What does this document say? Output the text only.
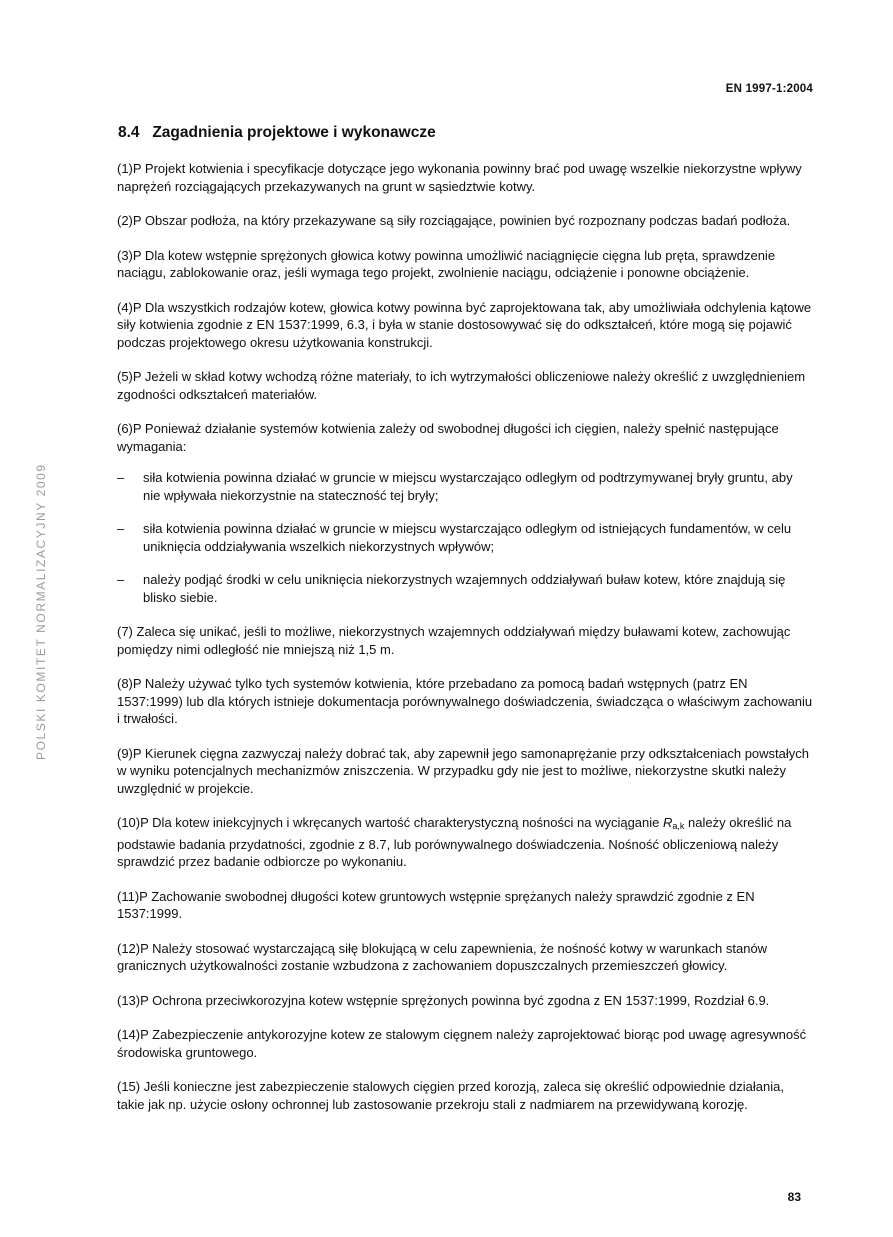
EN 1997-1:2004
POLSKI KOMITET NORMALIZACYJNY 2009
8.4 Zagadnienia projektowe i wykonawcze

(1)P Projekt kotwienia i specyfikacje dotyczące jego wykonania powinny brać pod uwagę wszelkie niekorzystne wpływy naprężeń rozciągających przekazywanych na grunt w sąsiedztwie kotwy.

(2)P Obszar podłoża, na który przekazywane są siły rozciągające, powinien być rozpoznany podczas badań podłoża.

(3)P Dla kotew wstępnie sprężonych głowica kotwy powinna umożliwić naciągnięcie cięgna lub pręta, sprawdzenie naciągu, zablokowanie oraz, jeśli wymaga tego projekt, zwolnienie naciągu, odciążenie i ponowne obciążenie.

(4)P Dla wszystkich rodzajów kotew, głowica kotwy powinna być zaprojektowana tak, aby umożliwiała odchylenia kątowe siły kotwienia zgodnie z EN 1537:1999, 6.3, i była w stanie dostosowywać się do odkształceń, które mogą się pojawić podczas projektowego okresu użytkowania konstrukcji.

(5)P Jeżeli w skład kotwy wchodzą różne materiały, to ich wytrzymałości obliczeniowe należy określić z uwzględnieniem zgodności odkształceń materiałów.

(6)P Ponieważ działanie systemów kotwienia zależy od swobodnej długości ich cięgien, należy spełnić następujące wymagania:

– siła kotwienia powinna działać w gruncie w miejscu wystarczająco odległym od podtrzymywanej bryły gruntu, aby nie wpływała niekorzystnie na stateczność tej bryły;
– siła kotwienia powinna działać w gruncie w miejscu wystarczająco odległym od istniejących fundamentów, w celu uniknięcia oddziaływania wszelkich niekorzystnych wpływów;
– należy podjąć środki w celu uniknięcia niekorzystnych wzajemnych oddziaływań buław kotew, które znajdują się blisko siebie.

(7) Zaleca się unikać, jeśli to możliwe, niekorzystnych wzajemnych oddziaływań między buławami kotew, zachowując pomiędzy nimi odległość nie mniejszą niż 1,5 m.

(8)P Należy używać tylko tych systemów kotwienia, które przebadano za pomocą badań wstępnych (patrz EN 1537:1999) lub dla których istnieje dokumentacja porównywalnego doświadczenia, świadcząca o właściwym zachowaniu i trwałości.

(9)P Kierunek cięgna zazwyczaj należy dobrać tak, aby zapewnił jego samonaprężanie przy odkształceniach powstałych w wyniku potencjalnych mechanizmów zniszczenia. W przypadku gdy nie jest to możliwe, niekorzystne skutki należy uwzględnić w projekcie.

(10)P Dla kotew iniekcyjnych i wkręcanych wartość charakterystyczną nośności na wyciąganie $R_{a,k}$ należy określić na podstawie badania przydatności, zgodnie z 8.7, lub porównywalnego doświadczenia. Nośność obliczeniową należy sprawdzić przez badanie odbiorcze po wykonaniu.

(11)P Zachowanie swobodnej długości kotew gruntowych wstępnie sprężanych należy sprawdzić zgodnie z EN 1537:1999.

(12)P Należy stosować wystarczającą siłę blokującą w celu zapewnienia, że nośność kotwy w warunkach stanów granicznych użytkowalności zostanie wzbudzona z zachowaniem dopuszczalnych przemieszczeń głowicy.

(13)P Ochrona przeciwkorozyjna kotew wstępnie sprężonych powinna być zgodna z EN 1537:1999, Rozdział 6.9.

(14)P Zabezpieczenie antykorozyjne kotew ze stalowym cięgnem należy zaprojektować biorąc pod uwagę agresywność środowiska gruntowego.

(15) Jeśli konieczne jest zabezpieczenie stalowych cięgien przed korozją, zaleca się określić odpowiednie działania, takie jak np. użycie osłony ochronnej lub zastosowanie przekroju stali z nadmiarem na przewidywaną korozję.

83
